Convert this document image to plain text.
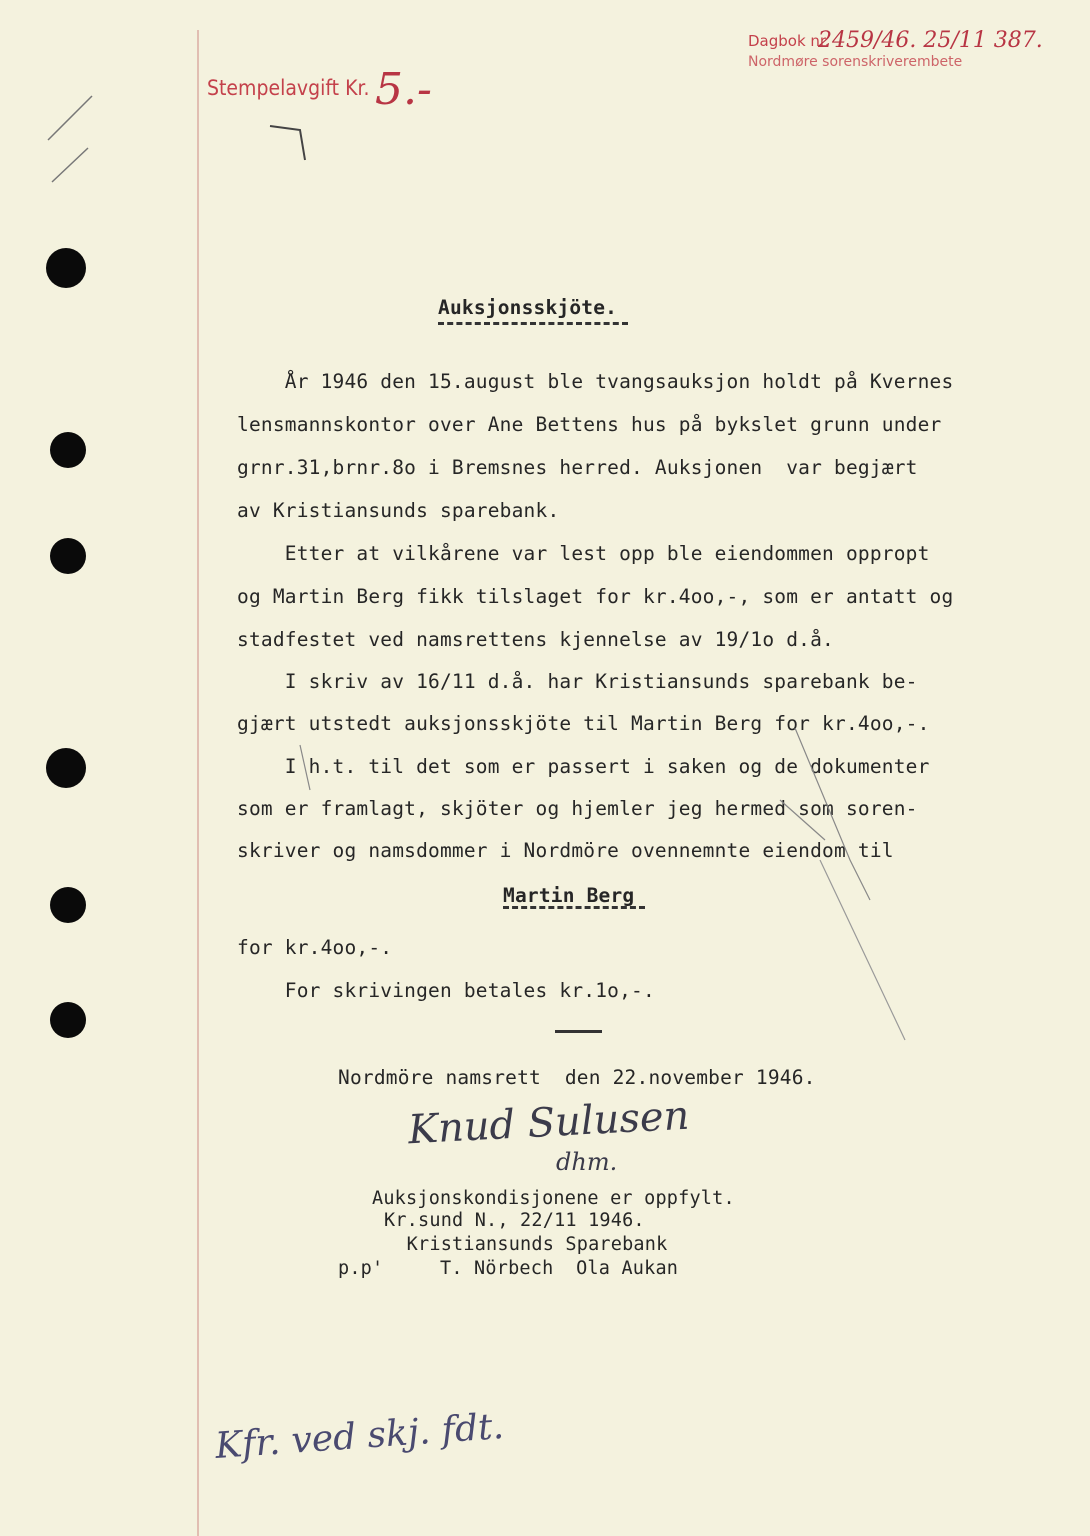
Stempelavgift Kr. 5.-
Dagbok nr.
2459/46. 25/11 387.
Nordmøre sorenskriverembete
Auksjonsskjöte.
År 1946 den 15.august ble tvangsauksjon holdt på Kvernes
lensmannskontor over Ane Bettens hus på bykslet grunn under
grnr.31,brnr.8o i Bremsnes herred. Auksjonen  var begjært
av Kristiansunds sparebank.
Etter at vilkårene var lest opp ble eiendommen oppropt
og Martin Berg fikk tilslaget for kr.4oo,-, som er antatt og
stadfestet ved namsrettens kjennelse av 19/1o d.å.
I skriv av 16/11 d.å. har Kristiansunds sparebank be-
gjært utstedt auksjonsskjöte til Martin Berg for kr.4oo,-.
I h.t. til det som er passert i saken og de dokumenter
som er framlagt, skjöter og hjemler jeg hermed som soren-
skriver og namsdommer i Nordmöre ovennemnte eiendom til
Martin Berg
for kr.4oo,-.
For skrivingen betales kr.1o,-.
Nordmöre namsrett  den 22.november 1946.
Knud Sulusen
dhm.
Auksjonskondisjonene er oppfylt.
Kr.sund N., 22/11 1946.
Kristiansunds Sparebank
p.p'     T. Nörbech  Ola Aukan
Kfr. ved skj. fdt.
